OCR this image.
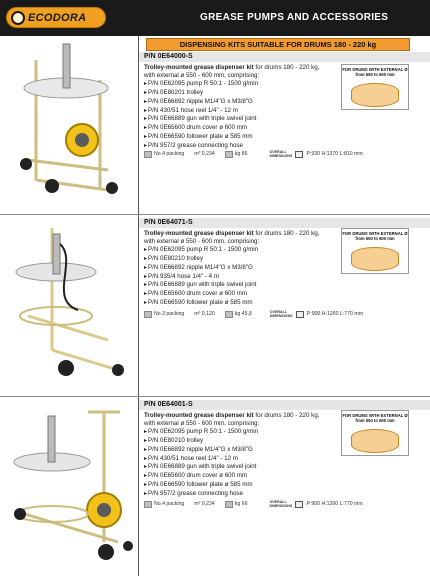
ECODORA	GREASE PUMPS AND ACCESSORIES
DISPENSING KITS SUITABLE FOR DRUMS 180 - 220 kg
P/N 0E64000-S
Trolley-mounted grease dispenser kit for drums 180 - 220 kg,
with external ø 550 - 600 mm, comprising:
▸ P/N 0E62095 pump R 50:1 - 1500 g/min
▸ P/N 0E80201 trolley
▸ P/N 0E66892 nipple M1/4"G x M3/8"G
▸ P/N 430/51 hose reel 1/4" - 12 m
▸ P/N 0E66889 gun with triple swivel joint
▸ P/N 0E65600 drum cover ø 600 mm
▸ P/N 0E66590 follower plate ø 585 mm
▸ P/N 957/2 grease connecting hose
FOR DRUMS WITH EXTERNAL Ø from 550 to 600 mm
No.4 packing m³ 0,234	kg 86	OVERALL DIMENSIONS	P:930 H:1370 L:810 mm
P/N 0E64071-S
Trolley-mounted grease dispenser kit for drums 180 - 220 kg,
with external ø 550 - 600 mm, comprising:
▸ P/N 0E62095 pump R 50:1 - 1500 g/min
▸ P/N 0E80210 trolley
▸ P/N 0E66892 nipple M1/4"G x M3/8"G
▸ P/N 935/4 hose 1/4" - 4 m
▸ P/N 0E66889 gun with triple swivel joint
▸ P/N 0E65600 drum cover ø 600 mm
▸ P/N 0E66590 follower plate ø 585 mm
FOR DRUMS WITH EXTERNAL Ø from 550 to 600 mm
No.3 packing m³ 0,120	kg 45,8	OVERALL DIMENSIONS	P:900 H:1260 L:770 mm
P/N 0E64001-S
Trolley-mounted grease dispenser kit for drums 180 - 220 kg,
with external ø 550 - 600 mm, comprising:
▸ P/N 0E62095 pump R 50:1 - 1500 g/min
▸ P/N 0E80210 trolley
▸ P/N 0E66892 nipple M1/4"G x M3/8"G
▸ P/N 430/51 hose reel 1/4" - 12 m
▸ P/N 0E66889 gun with triple swivel joint
▸ P/N 0E65600 drum cover ø 600 mm
▸ P/N 0E66590 follower plate ø 585 mm
▸ P/N 957/2 grease connecting hose
FOR DRUMS WITH EXTERNAL Ø from 550 to 600 mm
No.4 packing m³ 0,234	kg 66	OVERALL DIMENSIONS	P:900 H:1260 L:770 mm
